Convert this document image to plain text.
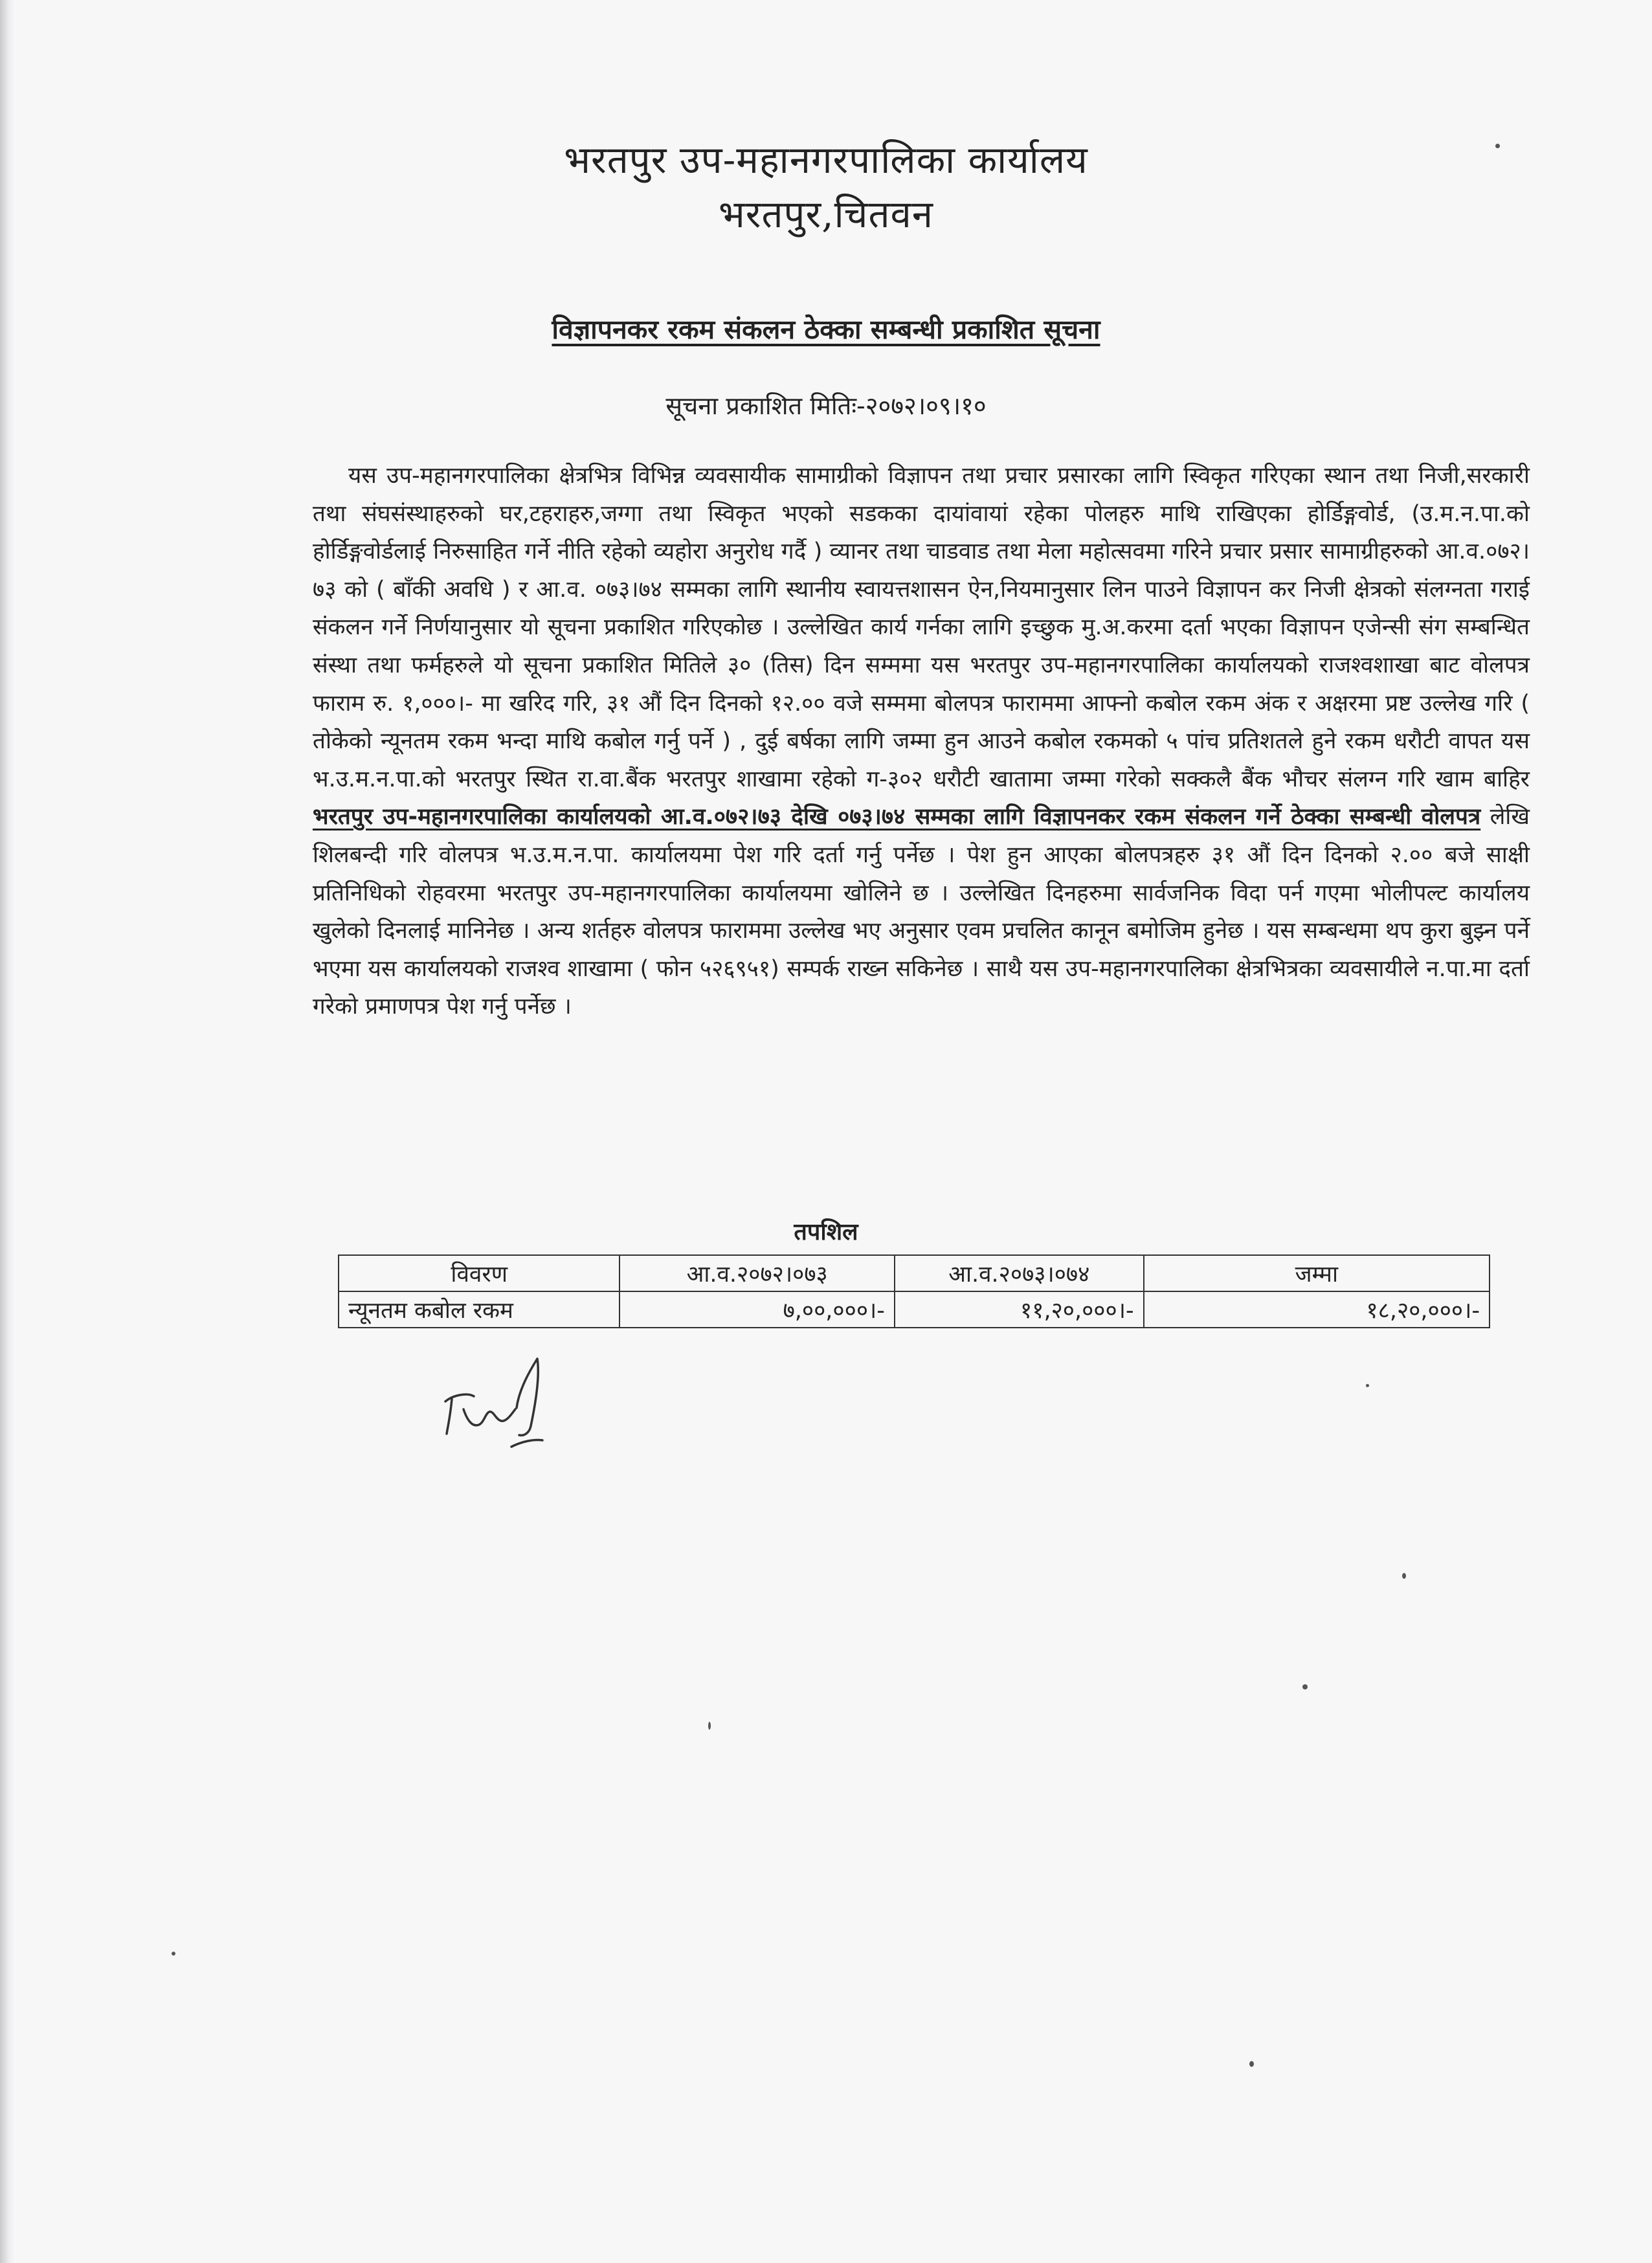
भरतपुर उप-महानगरपालिका कार्यालय
भरतपुर,चितवन
विज्ञापनकर रकम संकलन ठेक्का सम्बन्धी प्रकाशित सूचना
सूचना प्रकाशित मितिः-२०७२।०९।१०
यस उप-महानगरपालिका क्षेत्रभित्र विभिन्न व्यवसायीक सामाग्रीको विज्ञापन तथा प्रचार प्रसारका लागि स्विकृत गरिएका स्थान तथा निजी,सरकारी तथा संघसंस्थाहरुको घर,टहराहरु,जग्गा तथा स्विकृत भएको सडकका दायांवायां रहेका पोलहरु माथि राखिएका होर्डिङ्गवोर्ड, (उ.म.न.पा.को होर्डिङ्गवोर्डलाई निरुसाहित गर्ने नीति रहेको व्यहोरा अनुरोध गर्दै ) व्यानर तथा चाडवाड तथा मेला महोत्सवमा गरिने प्रचार प्रसार सामाग्रीहरुको आ.व.०७२।७३ को ( बाँकी अवधि ) र आ.व. ०७३।७४ सम्मका लागि स्थानीय स्वायत्तशासन ऐन,नियमानुसार लिन पाउने विज्ञापन कर निजी क्षेत्रको संलग्नता गराई संकलन गर्ने निर्णयानुसार यो सूचना प्रकाशित गरिएकोछ । उल्लेखित कार्य गर्नका लागि इच्छुक मु.अ.करमा दर्ता भएका विज्ञापन एजेन्सी संग सम्बन्धित संस्था तथा फर्महरुले यो सूचना प्रकाशित मितिले ३० (तिस) दिन सम्ममा यस भरतपुर उप-महानगरपालिका कार्यालयको राजश्वशाखा बाट वोलपत्र फाराम रु. १,०००।- मा खरिद गरि, ३१ औं दिन दिनको १२.०० वजे सम्ममा बोलपत्र फाराममा आफ्नो कबोल रकम अंक र अक्षरमा प्रष्ट उल्लेख गरि ( तोकेको न्यूनतम रकम भन्दा माथि कबोल गर्नु पर्ने ) , दुई बर्षका लागि जम्मा हुन आउने कबोल रकमको ५ पांच प्रतिशतले हुने रकम धरौटी वापत यस भ.उ.म.न.पा.को भरतपुर स्थित रा.वा.बैंक भरतपुर शाखामा रहेको ग-३०२ धरौटी खातामा जम्मा गरेको सक्कलै बैंक भौचर संलग्न गरि खाम बाहिर भरतपुर उप-महानगरपालिका कार्यालयको आ.व.०७२।७३ देखि ०७३।७४ सम्मका लागि विज्ञापनकर रकम संकलन गर्ने ठेक्का सम्बन्धी वोलपत्र लेखि शिलबन्दी गरि वोलपत्र भ.उ.म.न.पा. कार्यालयमा पेश गरि दर्ता गर्नु पर्नेछ । पेश हुन आएका बोलपत्रहरु ३१ औं दिन दिनको २.०० बजे साक्षी प्रतिनिधिको रोहवरमा भरतपुर उप-महानगरपालिका कार्यालयमा खोलिने छ । उल्लेखित दिनहरुमा सार्वजनिक विदा पर्न गएमा भोलीपल्ट कार्यालय खुलेको दिनलाई मानिनेछ । अन्य शर्तहरु वोलपत्र फाराममा उल्लेख भए अनुसार एवम प्रचलित कानून बमोजिम हुनेछ । यस सम्बन्धमा थप कुरा बुझ्न पर्ने भएमा यस कार्यालयको राजश्व शाखामा ( फोन ५२६९५१) सम्पर्क राख्न सकिनेछ । साथै यस उप-महानगरपालिका क्षेत्रभित्रका व्यवसायीले न.पा.मा दर्ता गरेको प्रमाणपत्र पेश गर्नु पर्नेछ ।
तपशिल
विवरण	आ.व.२०७२।०७३	आ.व.२०७३।०७४	जम्मा
न्यूनतम कबोल रकम	७,००,०००।-	११,२०,०००।-	१८,२०,०००।-
